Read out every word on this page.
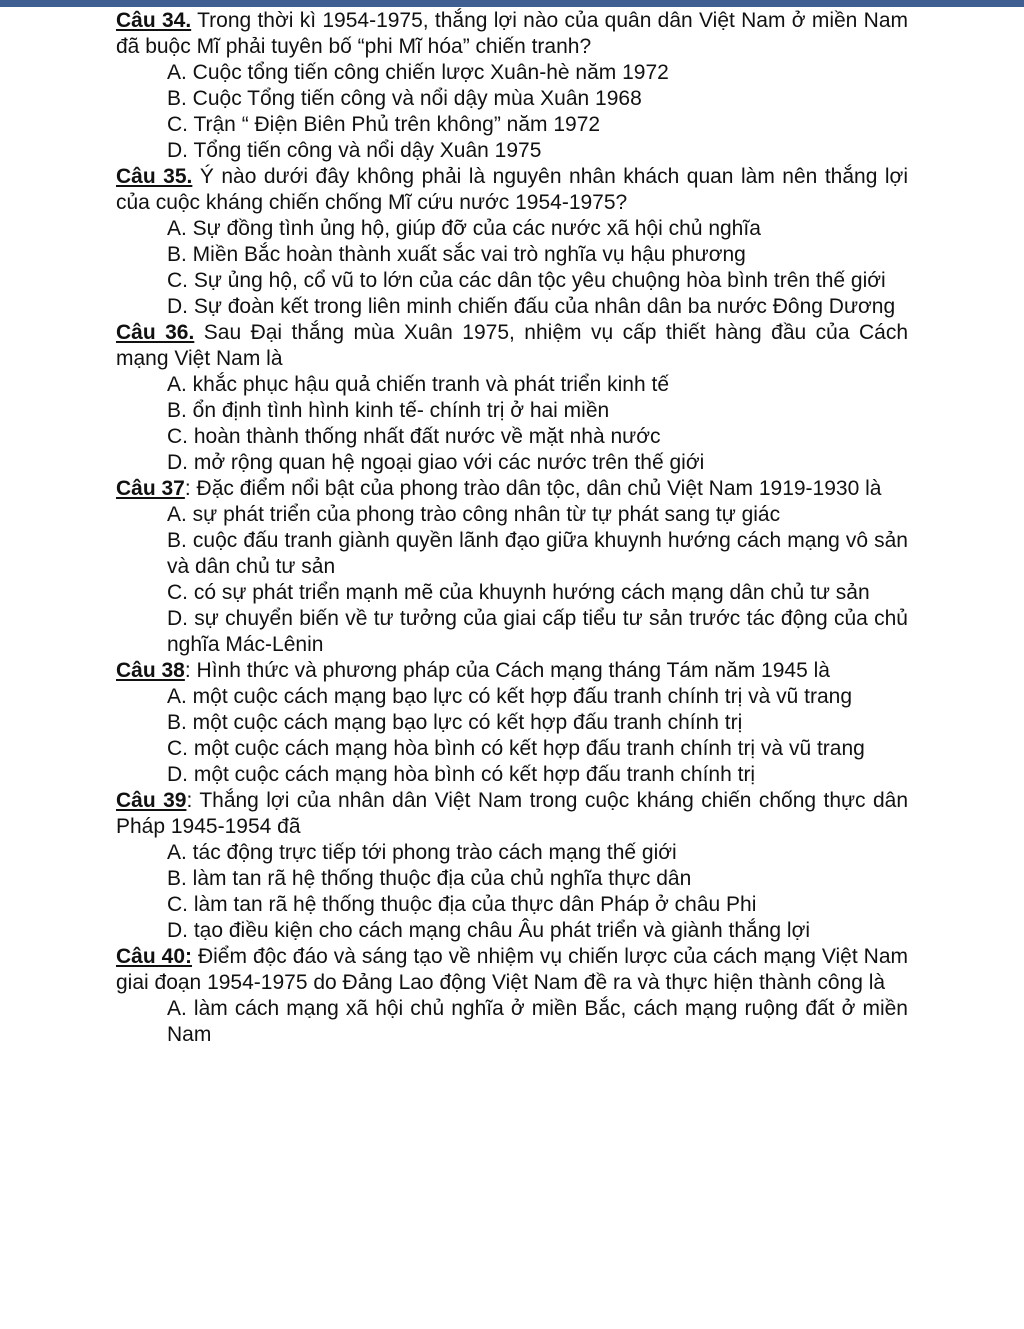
Câu 34. Trong thời kì 1954-1975, thắng lợi nào của quân dân Việt Nam ở miền Nam đã buộc Mĩ phải tuyên bố “phi Mĩ hóa” chiến tranh?
A. Cuộc tổng tiến công chiến lược Xuân-hè năm 1972
B. Cuộc Tổng tiến công và nổi dậy mùa Xuân 1968
C. Trận “ Điện Biên Phủ trên không” năm 1972
D. Tổng tiến công và nổi dậy Xuân 1975
Câu 35. Ý nào dưới đây không phải là nguyên nhân khách quan làm nên thắng lợi của cuộc kháng chiến chống Mĩ cứu nước 1954-1975?
A. Sự đồng tình ủng hộ, giúp đỡ của các nước xã hội chủ nghĩa
B. Miền Bắc hoàn thành xuất sắc vai trò nghĩa vụ hậu phương
C. Sự ủng hộ, cổ vũ to lớn của các dân tộc yêu chuộng hòa bình trên thế giới
D. Sự đoàn kết trong liên minh chiến đấu của nhân dân ba nước Đông Dương
Câu 36. Sau Đại thắng mùa Xuân 1975, nhiệm vụ cấp thiết hàng đầu của Cách mạng Việt Nam là
A. khắc phục hậu quả chiến tranh và phát triển kinh tế
B. ổn định tình hình kinh tế- chính trị ở hai miền
C. hoàn thành thống nhất đất nước về mặt nhà nước
D. mở rộng quan hệ ngoại giao với các nước trên thế giới
Câu 37: Đặc điểm nổi bật của phong trào dân tộc, dân chủ Việt Nam 1919-1930 là
A. sự phát triển của phong trào công nhân từ tự phát sang tự giác
B. cuộc đấu tranh giành quyền lãnh đạo giữa khuynh hướng cách mạng vô sản và dân chủ tư sản
C. có sự phát triển mạnh mẽ của khuynh hướng cách mạng dân chủ tư sản
D. sự chuyển biến về tư tưởng của giai cấp tiểu tư sản trước tác động của chủ nghĩa Mác-Lênin
Câu 38: Hình thức và phương pháp của Cách mạng tháng Tám năm 1945 là
A. một cuộc cách mạng bạo lực có kết hợp đấu tranh chính trị và vũ trang
B. một cuộc cách mạng bạo lực có kết hợp đấu tranh chính trị
C. một cuộc cách mạng hòa bình có kết hợp đấu tranh chính trị và vũ trang
D. một cuộc cách mạng hòa bình có kết hợp đấu tranh chính trị
Câu 39: Thắng lợi của nhân dân Việt Nam trong cuộc kháng chiến chống thực dân Pháp 1945-1954 đã
A. tác động trực tiếp tới phong trào cách mạng thế giới
B. làm tan rã hệ thống thuộc địa của chủ nghĩa thực dân
C. làm tan rã hệ thống thuộc địa của thực dân Pháp ở châu Phi
D. tạo điều kiện cho cách mạng châu Âu phát triển và giành thắng lợi
Câu 40: Điểm độc đáo và sáng tạo về nhiệm vụ chiến lược của cách mạng Việt Nam giai đoạn 1954-1975 do Đảng Lao động Việt Nam đề ra và thực hiện thành công là
A. làm cách mạng xã hội chủ nghĩa ở miền Bắc, cách mạng ruộng đất ở miền Nam
